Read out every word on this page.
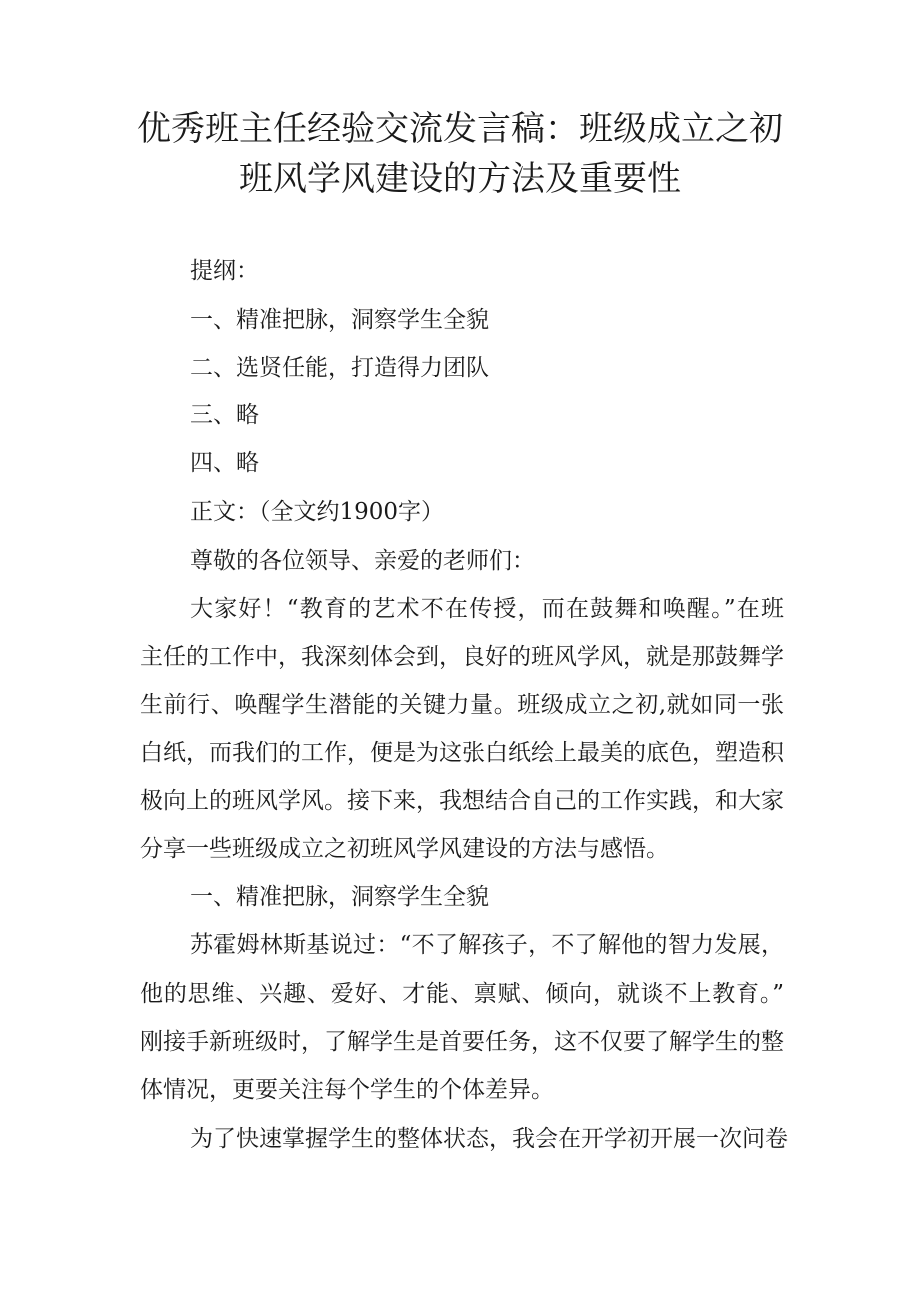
优秀班主任经验交流发言稿：班级成立之初
班风学风建设的方法及重要性

提纲：

一、精准把脉，洞察学生全貌

二、选贤任能，打造得力团队

三、略

四、略

正文：（全文约1900字）

尊敬的各位领导、亲爱的老师们：

大家好！“教育的艺术不在传授，而在鼓舞和唤醒。”在班

主任的工作中，我深刻体会到，良好的班风学风，就是那鼓舞学

生前行、唤醒学生潜能的关键力量。班级成立之初,就如同一张

白纸，而我们的工作，便是为这张白纸绘上最美的底色，塑造积

极向上的班风学风。接下来，我想结合自己的工作实践，和大家

分享一些班级成立之初班风学风建设的方法与感悟。

一、精准把脉，洞察学生全貌

苏霍姆林斯基说过：“不了解孩子，不了解他的智力发展，

他的思维、兴趣、爱好、才能、禀赋、倾向，就谈不上教育。”

刚接手新班级时，了解学生是首要任务，这不仅要了解学生的整

体情况，更要关注每个学生的个体差异。

为了快速掌握学生的整体状态，我会在开学初开展一次问卷
